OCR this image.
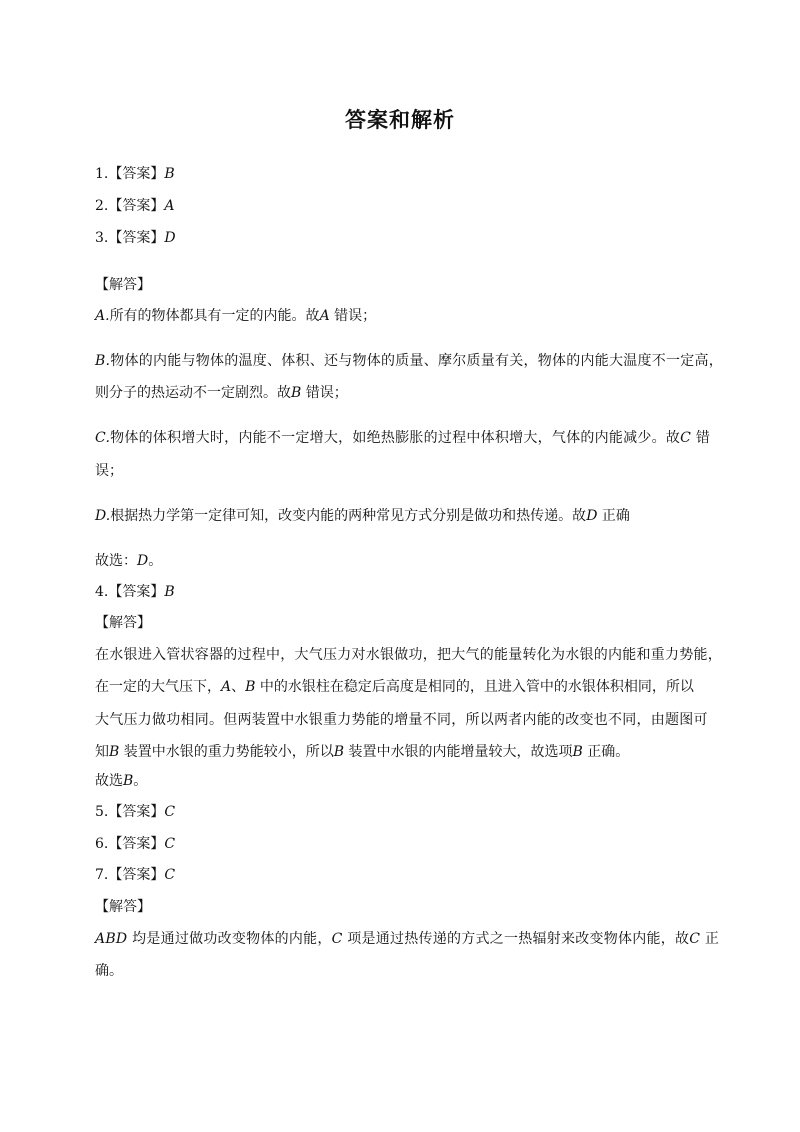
答案和解析
1.【答案】B
2.【答案】A
3.【答案】D
【解答】
A.所有的物体都具有一定的内能。故A 错误；
B.物体的内能与物体的温度、体积、还与物体的质量、摩尔质量有关，物体的内能大温度不一定高，
则分子的热运动不一定剧烈。故B 错误；
C.物体的体积增大时，内能不一定增大，如绝热膨胀的过程中体积增大，气体的内能减少。故C 错
误；
D.根据热力学第一定律可知，改变内能的两种常见方式分别是做功和热传递。故D 正确
故选：D。
4.【答案】B
【解答】
在水银进入管状容器的过程中，大气压力对水银做功，把大气的能量转化为水银的内能和重力势能，
在一定的大气压下，A、B 中的水银柱在稳定后高度是相同的，且进入管中的水银体积相同，所以
大气压力做功相同。但两装置中水银重力势能的增量不同，所以两者内能的改变也不同，由题图可
知B 装置中水银的重力势能较小，所以B 装置中水银的内能增量较大，故选项B 正确。
故选B。
5.【答案】C
6.【答案】C
7.【答案】C
【解答】
ABD 均是通过做功改变物体的内能，C 项是通过热传递的方式之一热辐射来改变物体内能，故C 正
确。
